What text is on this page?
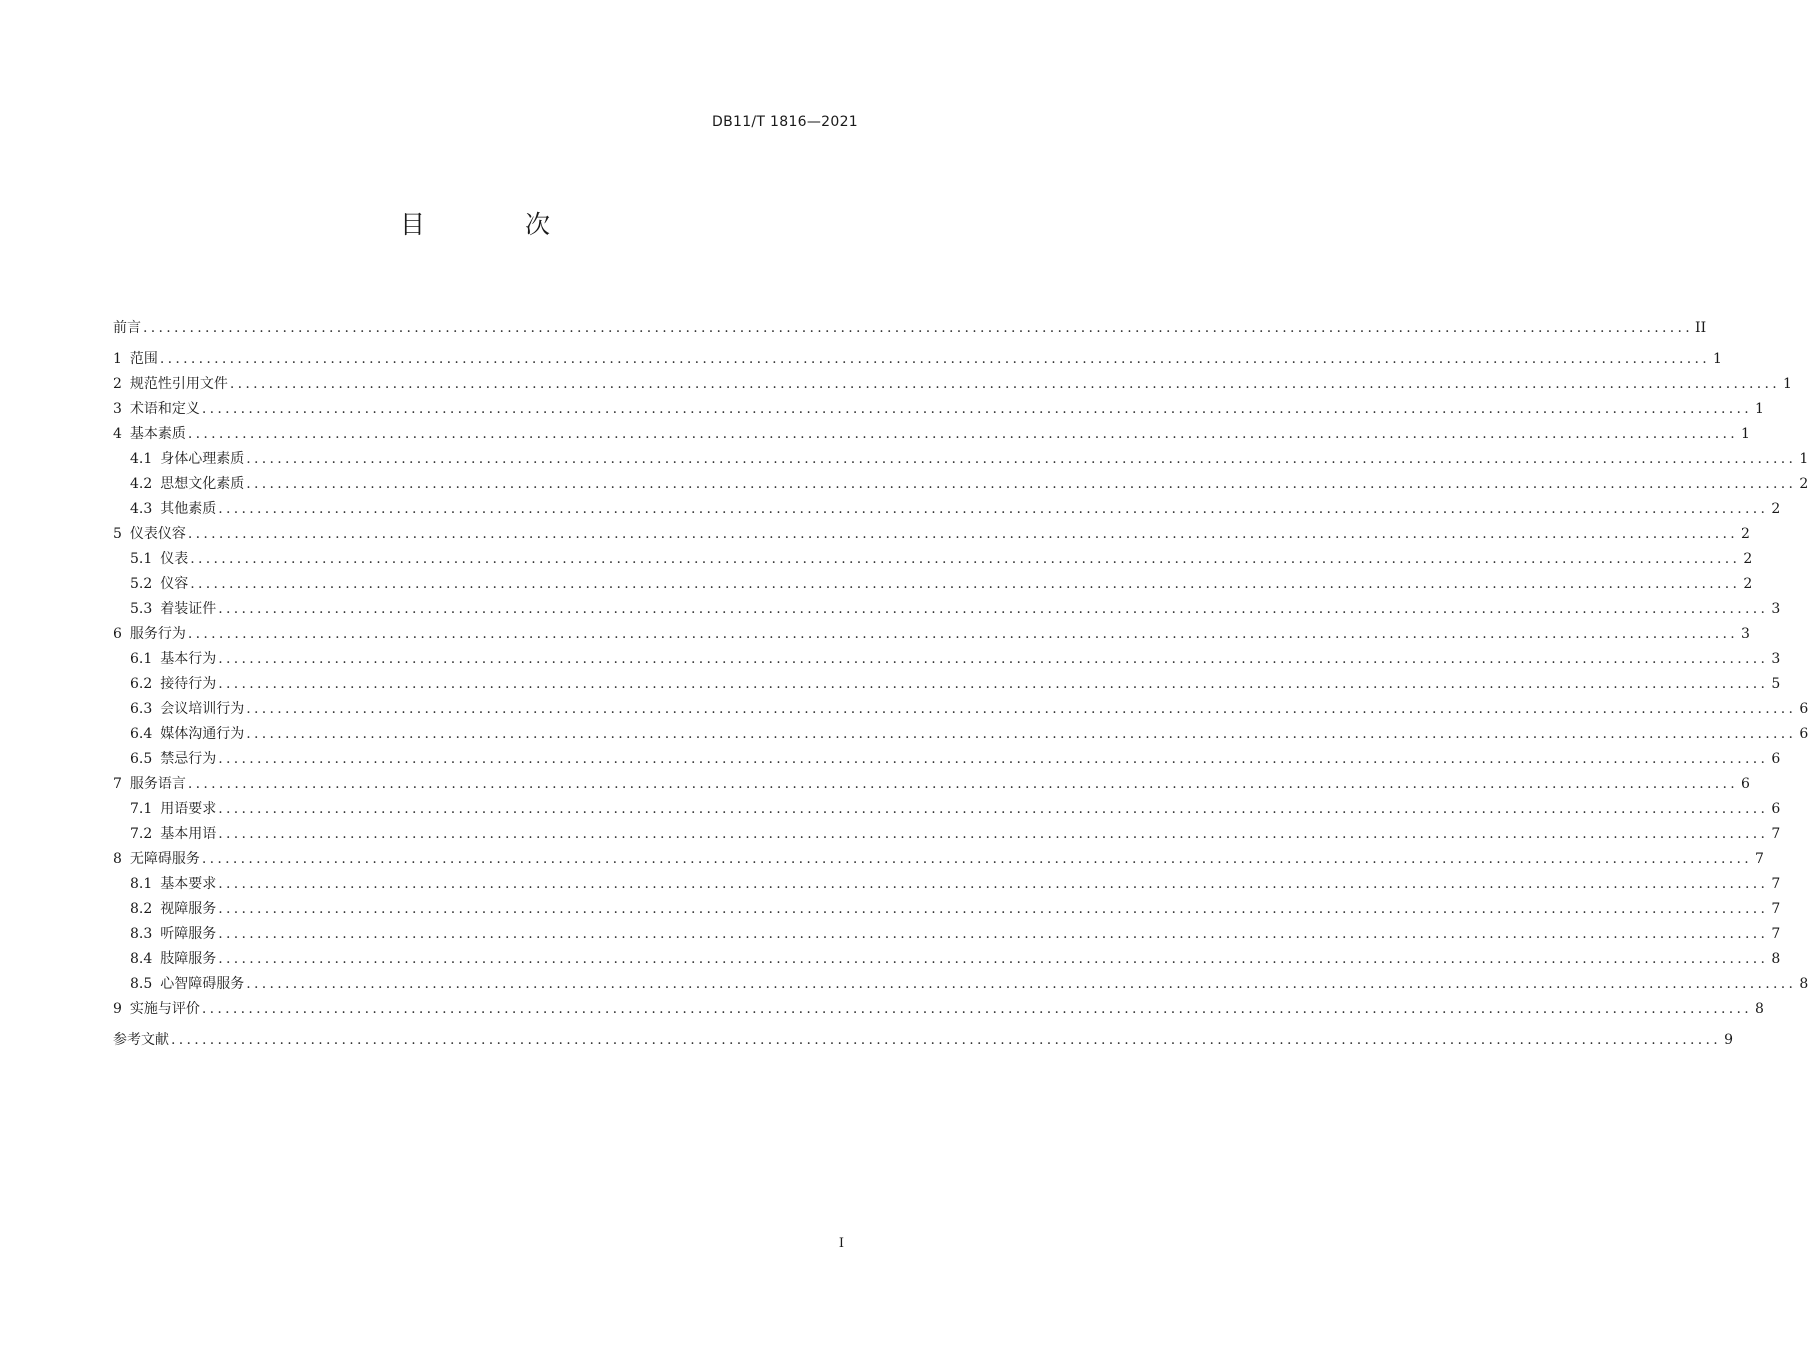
DB11/T 1816—2021
目 次
前言 ........................................................................................................................................................................................................ II
1 范围 ........................................................................................................................................................................................................ 1
2 规范性引用文件 ........................................................................................................................................................................................................ 1
3 术语和定义 ........................................................................................................................................................................................................ 1
4 基本素质 ........................................................................................................................................................................................................ 1
4.1 身体心理素质 ........................................................................................................................................................................................................ 1
4.2 思想文化素质 ........................................................................................................................................................................................................ 2
4.3 其他素质 ........................................................................................................................................................................................................ 2
5 仪表仪容 ........................................................................................................................................................................................................ 2
5.1 仪表 ........................................................................................................................................................................................................ 2
5.2 仪容 ........................................................................................................................................................................................................ 2
5.3 着装证件 ........................................................................................................................................................................................................ 3
6 服务行为 ........................................................................................................................................................................................................ 3
6.1 基本行为 ........................................................................................................................................................................................................ 3
6.2 接待行为 ........................................................................................................................................................................................................ 5
6.3 会议培训行为 ........................................................................................................................................................................................................ 6
6.4 媒体沟通行为 ........................................................................................................................................................................................................ 6
6.5 禁忌行为 ........................................................................................................................................................................................................ 6
7 服务语言 ........................................................................................................................................................................................................ 6
7.1 用语要求 ........................................................................................................................................................................................................ 6
7.2 基本用语 ........................................................................................................................................................................................................ 7
8 无障碍服务 ........................................................................................................................................................................................................ 7
8.1 基本要求 ........................................................................................................................................................................................................ 7
8.2 视障服务 ........................................................................................................................................................................................................ 7
8.3 听障服务 ........................................................................................................................................................................................................ 7
8.4 肢障服务 ........................................................................................................................................................................................................ 8
8.5 心智障碍服务 ........................................................................................................................................................................................................ 8
9 实施与评价 ........................................................................................................................................................................................................ 8
参考文献 ........................................................................................................................................................................................................ 9
I
